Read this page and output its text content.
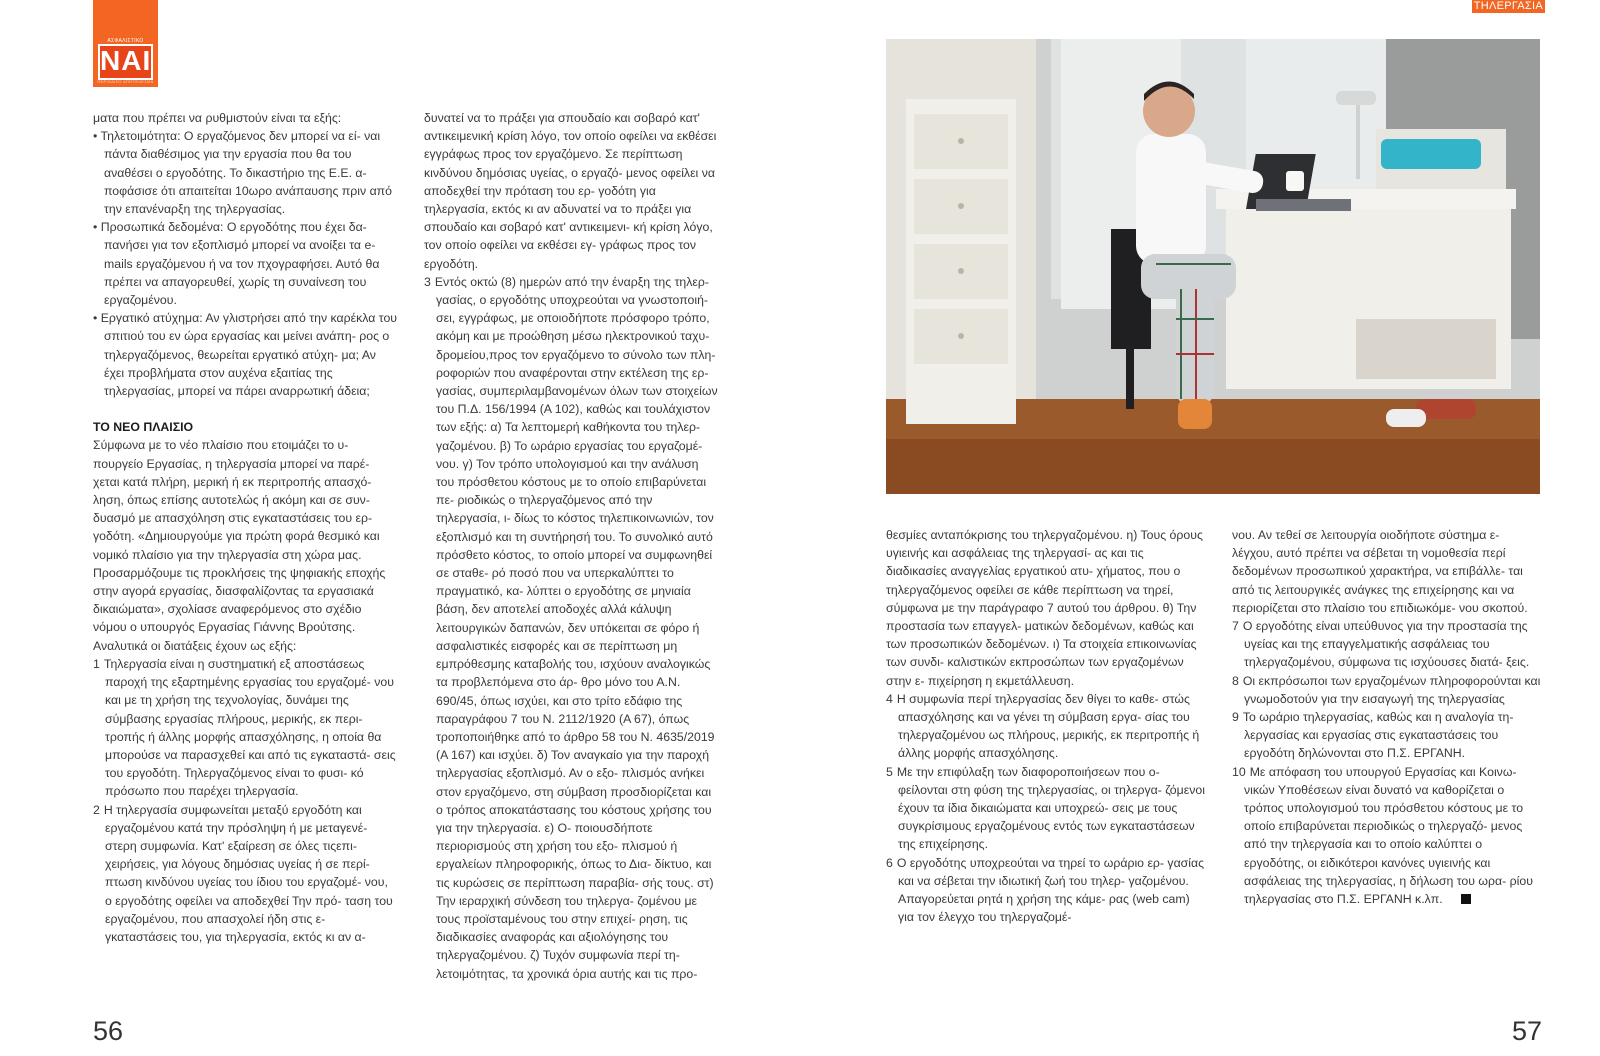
ΑΣΦΑΛΙΣΤΙΚΟ
ΝΑΙ
ΠΕΡΙΟΔΙΚΟ ΑΠΟΤΕΛΕΣΜΑ
ΤΗΛΕΡΓΑΣΙΑ

ματα που πρέπει να ρυθμιστούν είναι τα εξής:

• Τηλετοιμότητα: Ο εργαζόμενος δεν μπορεί να εί- ναι πάντα διαθέσιμος για την εργασία που θα του αναθέσει ο εργοδότης. Το δικαστήριο της Ε.Ε. α- ποφάσισε ότι απαιτείται 10ωρο ανάπαυσης πριν από την επανέναρξη της τηλεργασίας.
• Προσωπικά δεδομένα: Ο εργοδότης που έχει δα- πανήσει για τον εξοπλισμό μπορεί να ανοίξει τα e- mails εργαζόμενου ή να τον πχογραφήσει. Αυτό θα πρέπει να απαγορευθεί, χωρίς τη συναίνεση του εργαζομένου.
• Εργατικό ατύχημα: Αν γλιστρήσει από την καρέκλα του σπιτιού του εν ώρα εργασίας και μείνει ανάπη- ρος ο τηλεργαζόμενος, θεωρείται εργατικό ατύχη- μα; Αν έχει προβλήματα στον αυχένα εξαιτίας της τηλεργασίας, μπορεί να πάρει αναρρωτική άδεια;

ΤΟ ΝΕΟ ΠΛΑΙΣΙΟ

Σύμφωνα με το νέο πλαίσιο που ετοιμάζει το υ- πουργείο Εργασίας, η τηλεργασία μπορεί να παρέ- χεται κατά πλήρη, μερική ή εκ περιτροπής απασχό- ληση, όπως επίσης αυτοτελώς ή ακόμη και σε συν- δυασμό με απασχόληση στις εγκαταστάσεις του ερ- γοδότη. «Δημιουργούμε για πρώτη φορά θεσμικό και νομικό πλαίσιο για την τηλεργασία στη χώρα μας. Προσαρμόζουμε τις προκλήσεις της ψηφιακής εποχής στην αγορά εργασίας, διασφαλίζοντας τα εργασιακά δικαιώματα», σχολίασε αναφερόμενος στο σχέδιο νόμου ο υπουργός Εργασίας Γιάννης Βρούτσης.

Αναλυτικά οι διατάξεις έχουν ως εξής:

1 Τηλεργασία είναι η συστηματική εξ αποστάσεως παροχή της εξαρτημένης εργασίας του εργαζομέ- νου και με τη χρήση της τεχνολογίας, δυνάμει της σύμβασης εργασίας πλήρους, μερικής, εκ περι- τροπής ή άλλης μορφής απασχόλησης, η οποία θα μπορούσε να παρασχεθεί και από τις εγκαταστά- σεις του εργοδότη. Τηλεργαζόμενος είναι το φυσι- κό πρόσωπο που παρέχει τηλεργασία.
2 Η τηλεργασία συμφωνείται μεταξύ εργοδότη και εργαζομένου κατά την πρόσληψη ή με μεταγενέ- στερη συμφωνία. Κατ' εξαίρεση σε όλες τιςεπι- χειρήσεις, για λόγους δημόσιας υγείας ή σε περί- πτωση κινδύνου υγείας του ίδιου του εργαζομέ- νου, ο εργοδότης οφείλει να αποδεχθεί Την πρό- ταση του εργαζομένου, που απασχολεί ήδη στις ε- γκαταστάσεις του, για τηλεργασία, εκτός κι αν α-

δυνατεί να το πράξει για σπουδαίο και σοβαρό κατ' αντικειμενική κρίση λόγο, τον οποίο οφείλει να εκθέσει εγγράφως προς τον εργαζόμενο. Σε περίπτωση κινδύνου δημόσιας υγείας, ο εργαζό- μενος οφείλει να αποδεχθεί την πρόταση του ερ- γοδότη για τηλεργασία, εκτός κι αν αδυνατεί να το πράξει για σπουδαίο και σοβαρό κατ' αντικειμενι- κή κρίση λόγο, τον οποίο οφείλει να εκθέσει εγ- γράφως προς τον εργοδότη.

3 Εντός οκτώ (8) ημερών από την έναρξη της τηλερ- γασίας, ο εργοδότης υποχρεούται να γνωστοποιή- σει, εγγράφως, με οποιοδήποτε πρόσφορο τρόπο, ακόμη και με προώθηση μέσω ηλεκτρονικού ταχυ- δρομείου,προς τον εργαζόμενο το σύνολο των πλη- ροφοριών που αναφέρονται στην εκτέλεση της ερ- γασίας, συμπεριλαμβανομένων όλων των στοιχείων του Π.Δ. 156/1994 (Α 102), καθώς και τουλάχιστον των εξής: α) Τα λεπτομερή καθήκοντα του τηλερ- γαζομένου. β) Το ωράριο εργασίας του εργαζομέ- νου. γ) Τον τρόπο υπολογισμού και την ανάλυση του πρόσθετου κόστους με το οποίο επιβαρύνεται πε- ριοδικώς ο τηλεργαζόμενος από την τηλεργασία, ι- δίως το κόστος τηλεπικοινωνιών, τον εξοπλισμό και τη συντήρησή του. Το συνολικό αυτό πρόσθετο κόστος, το οποίο μπορεί να συμφωνηθεί σε σταθε- ρό ποσό που να υπερκαλύπτει το πραγματικό, κα- λύπτει ο εργοδότης σε μηνιαία βάση, δεν αποτελεί αποδοχές αλλά κάλυψη λειτουργικών δαπανών, δεν υπόκειται σε φόρο ή ασφαλιστικές εισφορές και σε περίπτωση μη εμπρόθεσμης καταβολής του, ισχύουν αναλογικώς τα προβλεπόμενα στο άρ- θρο μόνο του Α.Ν. 690/45, όπως ισχύει, και στο τρίτο εδάφιο της παραγράφου 7 του Ν. 2112/1920 (Α 67), όπως τροποποιήθηκε από το άρθρο 58 του Ν. 4635/2019 (Α 167) και ισχύει. δ) Τον αναγκαίο για την παροχή τηλεργασίας εξοπλισμό. Αν ο εξο- πλισμός ανήκει στον εργαζόμενο, στη σύμβαση προσδιορίζεται και ο τρόπος αποκατάστασης του κόστους χρήσης του για την τηλεργασία. ε) Ο- ποιουσδήποτε περιορισμούς στη χρήση του εξο- πλισμού ή εργαλείων πληροφορικής, όπως το Δια- δίκτυο, και τις κυρώσεις σε περίπτωση παραβία- σής τους. στ) Την ιεραρχική σύνδεση του τηλεργα- ζομένου με τους προϊσταμένους του στην επιχεί- ρηση, τις διαδικασίες αναφοράς και αξιολόγησης του τηλεργαζομένου. ζ) Τυχόν συμφωνία περί τη- λετοιμότητας, τα χρονικά όρια αυτής και τις προ-

θεσμίες ανταπόκρισης του τηλεργαζομένου. η) Τους όρους υγιεινής και ασφάλειας της τηλεργασί- ας και τις διαδικασίες αναγγελίας εργατικού ατυ- χήματος, που ο τηλεργαζόμενος οφείλει σε κάθε περίπτωση να τηρεί, σύμφωνα με την παράγραφο 7 αυτού του άρθρου. θ) Την προστασία των επαγγελ- ματικών δεδομένων, καθώς και των προσωπικών δεδομένων. ι) Τα στοιχεία επικοινωνίας των συνδι- καλιστικών εκπροσώπων των εργαζομένων στην ε- πιχείρηση η εκμετάλλευση.

4 Η συμφωνία περί τηλεργασίας δεν θίγει το καθε- στώς απασχόλησης και να γένει τη σύμβαση εργα- σίας του τηλεργαζομένου ως πλήρους, μερικής, εκ περιτροπής ή άλλης μορφής απασχόλησης.
5 Με την επιφύλαξη των διαφοροποιήσεων που ο- φείλονται στη φύση της τηλεργασίας, οι τηλεργα- ζόμενοι έχουν τα ίδια δικαιώματα και υποχρεώ- σεις με τους συγκρίσιμους εργαζομένους εντός των εγκαταστάσεων της επιχείρησης.
6 Ο εργοδότης υποχρεούται να τηρεί το ωράριο ερ- γασίας και να σέβεται την ιδιωτική ζωή του τηλερ- γαζομένου. Απαγορεύεται ρητά η χρήση της κάμε- ρας (web cam) για τον έλεγχο του τηλεργαζομέ-

νου. Αν τεθεί σε λειτουργία οιοδήποτε σύστημα ε- λέγχου, αυτό πρέπει να σέβεται τη νομοθεσία περί δεδομένων προσωπικού χαρακτήρα, να επιβάλλε- ται από τις λειτουργικές ανάγκες της επιχείρησης και να περιορίζεται στο πλαίσιο του επιδιωκόμε- νου σκοπού.

7 Ο εργοδότης είναι υπεύθυνος για την προστασία της υγείας και της επαγγελματικής ασφάλειας του τηλεργαζομένου, σύμφωνα τις ισχύουσες διατά- ξεις.
8 Οι εκπρόσωποι των εργαζομένων πληροφορούνται και γνωμοδοτούν για την εισαγωγή της τηλεργασίας
9 Το ωράριο τηλεργασίας, καθώς και η αναλογία τη- λεργασίας και εργασίας στις εγκαταστάσεις του εργοδότη δηλώνονται στο Π.Σ. ΕΡΓΑΝΗ.
10 Με απόφαση του υπουργού Εργασίας και Κοινω- νικών Υποθέσεων είναι δυνατό να καθορίζεται ο τρόπος υπολογισμού του πρόσθετου κόστους με το οποίο επιβαρύνεται περιοδικώς ο τηλεργαζό- μενος από την τηλεργασία και το οποίο καλύπτει ο εργοδότης, οι ειδικότεροι κανόνες υγιεινής και ασφάλειας της τηλεργασίας, η δήλωση του ωρα- ρίου τηλεργασίας στο Π.Σ. ΕΡΓΑΝΗ κ.λπ.
56	57
